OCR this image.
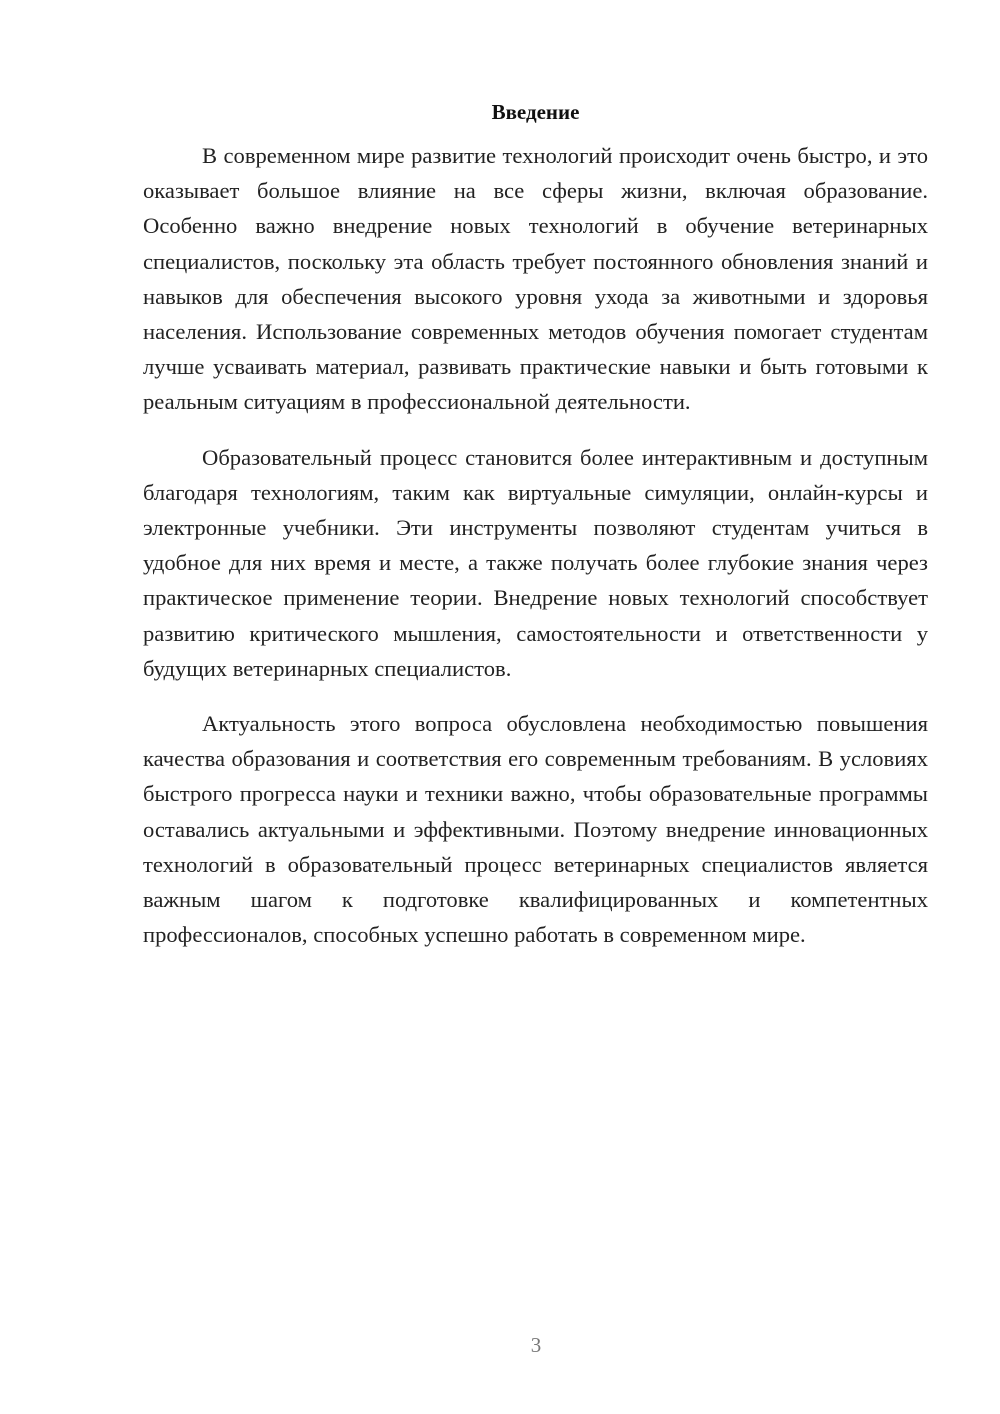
Введение

В современном мире развитие технологий происходит очень быстро, и это оказывает большое влияние на все сферы жизни, включая образование. Особенно важно внедрение новых технологий в обучение ветеринарных специалистов, поскольку эта область требует постоянного обновления знаний и навыков для обеспечения высокого уровня ухода за животными и здоровья населения. Использование современных методов обучения помогает студентам лучше усваивать материал, развивать практические навыки и быть готовыми к реальным ситуациям в профессиональной деятельности.

Образовательный процесс становится более интерактивным и доступным благодаря технологиям, таким как виртуальные симуляции, онлайн-курсы и электронные учебники. Эти инструменты позволяют студентам учиться в удобное для них время и месте, а также получать более глубокие знания через практическое применение теории. Внедрение новых технологий способствует развитию критического мышления, самостоятельности и ответственности у будущих ветеринарных специалистов.

Актуальность этого вопроса обусловлена необходимостью повышения качества образования и соответствия его современным требованиям. В условиях быстрого прогресса науки и техники важно, чтобы образовательные программы оставались актуальными и эффективными. Поэтому внедрение инновационных технологий в образовательный процесс ветеринарных специалистов является важным шагом к подготовке квалифицированных и компетентных профессионалов, способных успешно работать в современном мире.

3
